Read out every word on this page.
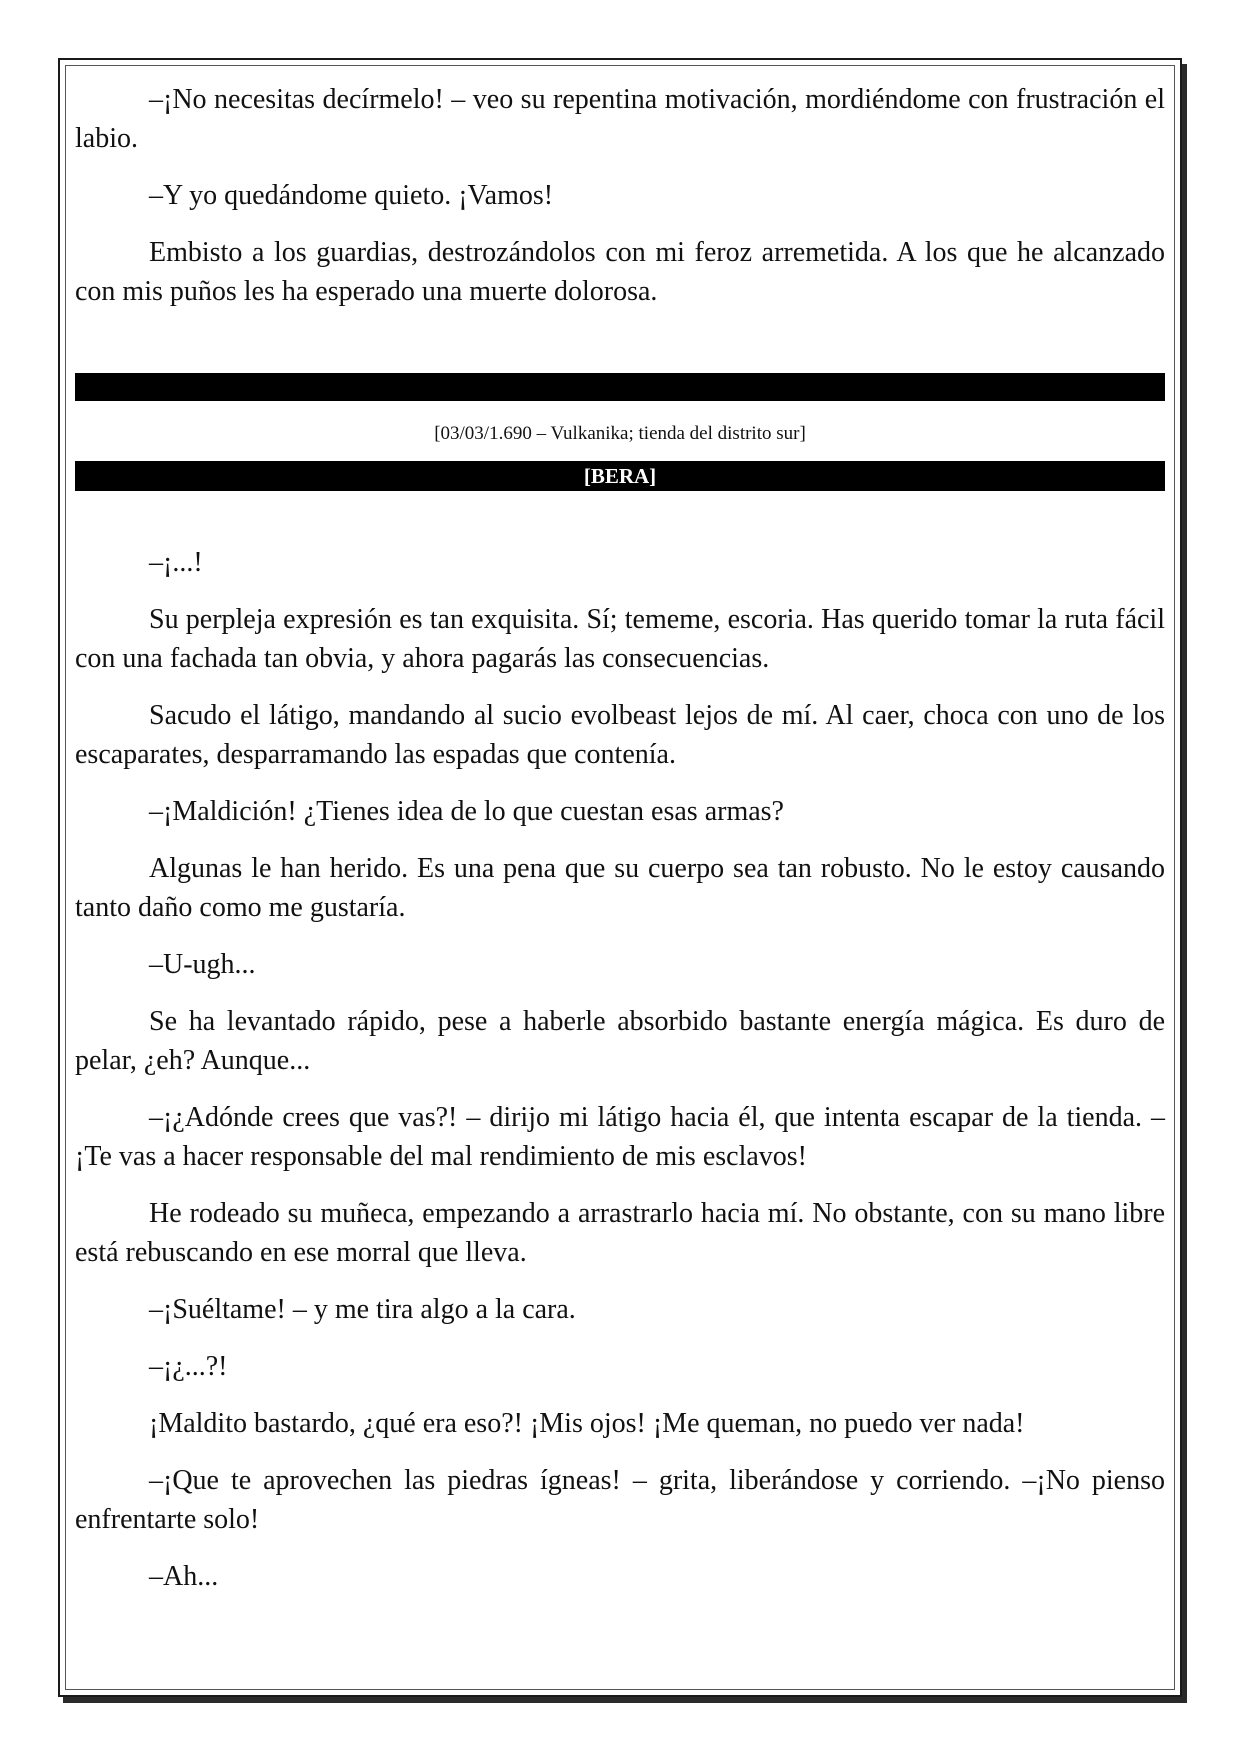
–¡No necesitas decírmelo! – veo su repentina motivación, mordiéndome con frustración el labio.

–Y yo quedándome quieto. ¡Vamos!

Embisto a los guardias, destrozándolos con mi feroz arremetida. A los que he alcanzado con mis puños les ha esperado una muerte dolorosa.

[03/03/1.690 – Vulkanika; tienda del distrito sur]
[BERA]

–¡...!

Su perpleja expresión es tan exquisita. Sí; tememe, escoria. Has querido tomar la ruta fácil con una fachada tan obvia, y ahora pagarás las consecuencias.

Sacudo el látigo, mandando al sucio evolbeast lejos de mí. Al caer, choca con uno de los escaparates, desparramando las espadas que contenía.

–¡Maldición! ¿Tienes idea de lo que cuestan esas armas?

Algunas le han herido. Es una pena que su cuerpo sea tan robusto. No le estoy causando tanto daño como me gustaría.

–U-ugh...

Se ha levantado rápido, pese a haberle absorbido bastante energía mágica. Es duro de pelar, ¿eh? Aunque...

–¡¿Adónde crees que vas?! – dirijo mi látigo hacia él, que intenta escapar de la tienda. –¡Te vas a hacer responsable del mal rendimiento de mis esclavos!

He rodeado su muñeca, empezando a arrastrarlo hacia mí. No obstante, con su mano libre está rebuscando en ese morral que lleva.

–¡Suéltame! – y me tira algo a la cara.

–¡¿...?!

¡Maldito bastardo, ¿qué era eso?! ¡Mis ojos! ¡Me queman, no puedo ver nada!

–¡Que te aprovechen las piedras ígneas! – grita, liberándose y corriendo. –¡No pienso enfrentarte solo!

–Ah...
